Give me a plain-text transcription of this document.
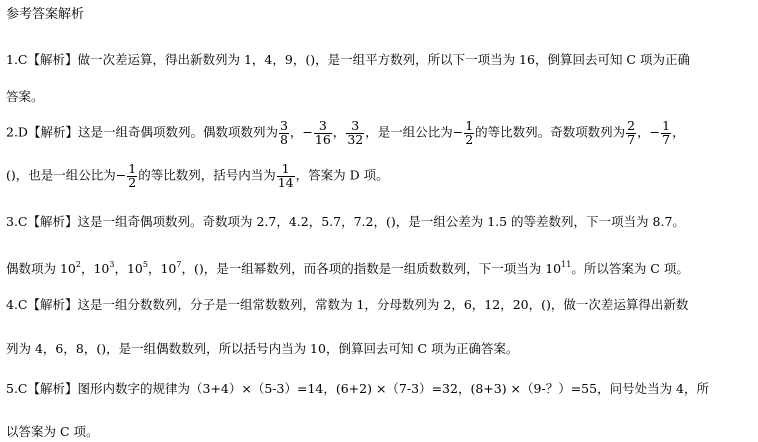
参考答案解析
1.C【解析】做一次差运算，得出新数列为 1，4，9，()，是一组平方数列，所以下一项当为 16，倒算回去可知 C 项为正确
答案。
2.D【解析】这是一组奇偶项数列。偶数项数列为 $\frac{3}{8}$ ，− $\frac{3}{16}$ ， $\frac{3}{32}$ ，是一组公比为− $\frac{1}{2}$ 的等比数列。奇数项数列为 $\frac{2}{7}$ ，− $\frac{1}{7}$ ，
()，也是一组公比为− $\frac{1}{2}$ 的等比数列，括号内当为 $\frac{1}{14}$ ，答案为 D 项。
3.C【解析】这是一组奇偶项数列。奇数项为 2.7，4.2，5.7，7.2，()，是一组公差为 1.5 的等差数列，下一项当为 8.7。
偶数项为 $10^2$，$10^3$，$10^5$，$10^7$，()，是一组幂数列，而各项的指数是一组质数数列，下一项当为 $10^{11}$。所以答案为 C 项。
4.C【解析】这是一组分数数列，分子是一组常数数列，常数为 1，分母数列为 2，6，12，20，()，做一次差运算得出新数
列为 4，6，8，()，是一组偶数数列，所以括号内当为 10，倒算回去可知 C 项为正确答案。
5.C【解析】图形内数字的规律为（3+4）×（5-3）=14，(6+2) ×（7-3）=32，(8+3) ×（9-？）=55，问号处当为 4，所
以答案为 C 项。
